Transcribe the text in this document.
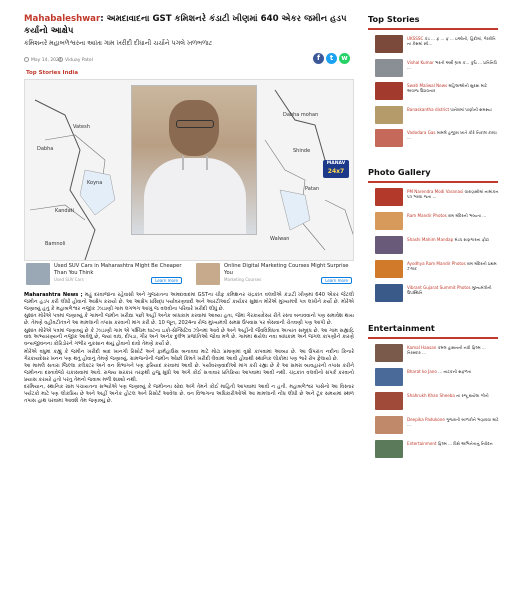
Mahabaleshwar: અમદાવાદના GST કમિશનરે કંડાટી ખીણમાં 640 એકર જમીન હડપ કર્યાનો આક્ષેપ

કમિશનરે મહાબળેશ્વરના આખા ગામ ખરીદી દીધાની ચર્ચાને પગલે ખળભળાટ

May 14, 2024 Viduay Patel	f	t	w
Top Stories India
Vatesh
Dabha
Koyna
Kandati
Dabha mohan
Shinde
Patan
Walwan
Bamnoli
MANAV
24x7
Used SUV Cars in Maharashtra Might Be Cheaper Than You Think
Used SUV Cars	Learn more
Online Digital Marketing Courses Might Surprise You
Marketing Courses	Learn more

Maharashtra News ; મહું દરવાજાના રહેવાસી અને ગુજરાતના અમદાવાદમાં GSTના ચીફ કમિશનર ચંદ્રકાંત વલવીએ કંડાટી ખીણમાં 640 એકર જેટલી જમીન હડપ કરી લીધી હોવાનો આક્ષેપ કરાયો છે. આ આક્ષેપ પ્રસિદ્ધ પર્યાવરણવાદી અને આરટીઆઈ કાર્યકર સુશાંત મોરેએ મુખ્યમંત્રી પત્ર લખીને કર્યો છે. મોરેએ જણાવ્યું હતું કે મહાબળેશ્વર નજીક ઝાડાણી ગામ લગભગ આખું જ વલવીના પરિવારે ખરીદી લીધું છે.

સુશાંત મોરેએ પત્રમાં જણાવ્યું કે ગામની જમીન ખરીદ્યા પછી અહીં અનેક બાંધકામ કરવામાં આવ્યા હતા, જેમાં ગેરકાયદેસર રીતે રસ્તા બનાવવાનો પણ સમાવેશ થાય છે. તેમણે વહીવટીતંત્રને આ મામલાની તપાસ કરવાની માંગ કરી છે. 10 જૂન, 2024ના રોજ મુખ્યમંત્રી સમક્ષ ઉપવાસ પર બેસવાની ચેતવણી પણ આપી છે.

સુશાંત મોરેએ પત્રમાં જણાવ્યું છે કે ઝાડાણી ગામ એ પશ્ચિમ ઘાટના ઇકો-સેન્સિટિવ ઝોનમાં આવે છે અને અહીંની જૈવવિવિધતા અત્યંત સમૃદ્ધ છે. આ ગામ સહ્યાદ્રિ વાઘ અભ્યારણ્યની નજીક આવેલું છે, જ્યાં વાઘ, દીપડા, ગૌર અને અનેક દુર્લભ પ્રજાતિઓ જોવા મળે છે. ગામમાં થયેલા નવા બાંધકામ અને જંગલ કાપણીને કારણે વન્યજીવનના કોરિડોરને ગંભીર નુકસાન થયું હોવાનો દાવો તેમણે કર્યો છે.

મોરેએ વધુમાં કહ્યું કે જમીન ખરીદી બાદ ખાનગી રિસોર્ટ અને ફાર્મહાઉસ બનાવવા માટે મોટા પ્રમાણમાં વૃક્ષો કાપવામાં આવ્યા છે. આ ઉપરાંત નદીના કિનારે ગેરકાયદેસર ખનન પણ થતું હોવાનું તેમણે જણાવ્યું. ગ્રામજનોની જમીન ઓછી કિંમતે ખરીદી લેવામાં આવી હોવાથી સ્થાનિક લોકોમાં પણ ભારે રોષ ફેલાયો છે.

આ મામલે સતારા જિલ્લા કલેક્ટર અને વન વિભાગને પણ ફરિયાદ કરવામાં આવી છે. પર્યાવરણવાદીઓ માંગ કરી રહ્યા છે કે આ સમગ્ર વ્યવહારની તપાસ કરીને જમીનના દસ્તાવેજો ચકાસવામાં આવે. રાજ્ય સરકાર તરફથી હજુ સુધી આ અંગે કોઈ સત્તાવાર પ્રતિક્રિયા આપવામાં આવી નથી. ચંદ્રકાંત વલવીનો સંપર્ક કરવાનો પ્રયાસ કરાયો હતો પરંતુ તેમનો જવાબ મળી શક્યો નથી.

દરમિયાન, સ્થાનિક ગ્રામ પંચાયતના સભ્યોએ પણ જણાવ્યું કે જમીનના સોદા અંગે તેમને કોઈ માહિતી આપવામાં આવી ન હતી. મહાબળેશ્વર પાસેનો આ વિસ્તાર પર્યટકો માટે પણ લોકપ્રિય છે અને અહીં અનેક હોટલ અને રિસોર્ટ આવેલા છે. વન વિભાગના અધિકારીઓએ આ મામલાની નોંધ લીધી છે અને ટૂંક સમયમાં સ્થળ તપાસ હાથ ધરવામાં આવશે તેમ જણાવ્યું છે.

Top Stories
UKSSSC કંડ ... ફ ... ફ ... ઇઓની, હિંદીમાં, ગેરરીતિ ના કેસમાં સ્પે...
Vishal Kumar ભરતી અર્થે ગ્રામ ક... કૃષિ ... પ્રતિનિધિ ...
Swati Maliwal News મહિલાઓની સુરક્ષા માટે અવાજ ઉઠાવનાર
Banaskantha district ધાનેરામાં પાણીની સમસ્યા
Vadodara Gas મામલે હજીરા ખાતે કોરે નિકાલ કરવા ...
Photo Gallery
PM Narendra Modi Varanasi વારાણસીમાં નામાંકન પત્ર ભરવા જતા ...
Ram Mandir Photos રામ મંદિરની ભવ્યતા ...
Shashi Mahim Mandap મંડપ શણગારના ફોટા
Ayodhya Ram Mandir Photos રામ મંદિરની પ્રથમ ઝલક
Vibrant Gujarat Summit Photos મુખ્યમંત્રીની ઉપસ્થિતિ
Entertainment
Kamal Haasan કમલ હાસનની નવી ફિલ્મ ... તિરસ્કાર ...
Bharat ko Jano ... નાટકની સફળતા
Shahrukh Khan Sheeba ના રજૂ થયેલા ગીતો
Deepika Padukone ગુજરાતી બાળકોને ભણાવવા માટે ...
Entertainment ફિલ્મ ... વિશે અભિનેતાનું નિવેદન
